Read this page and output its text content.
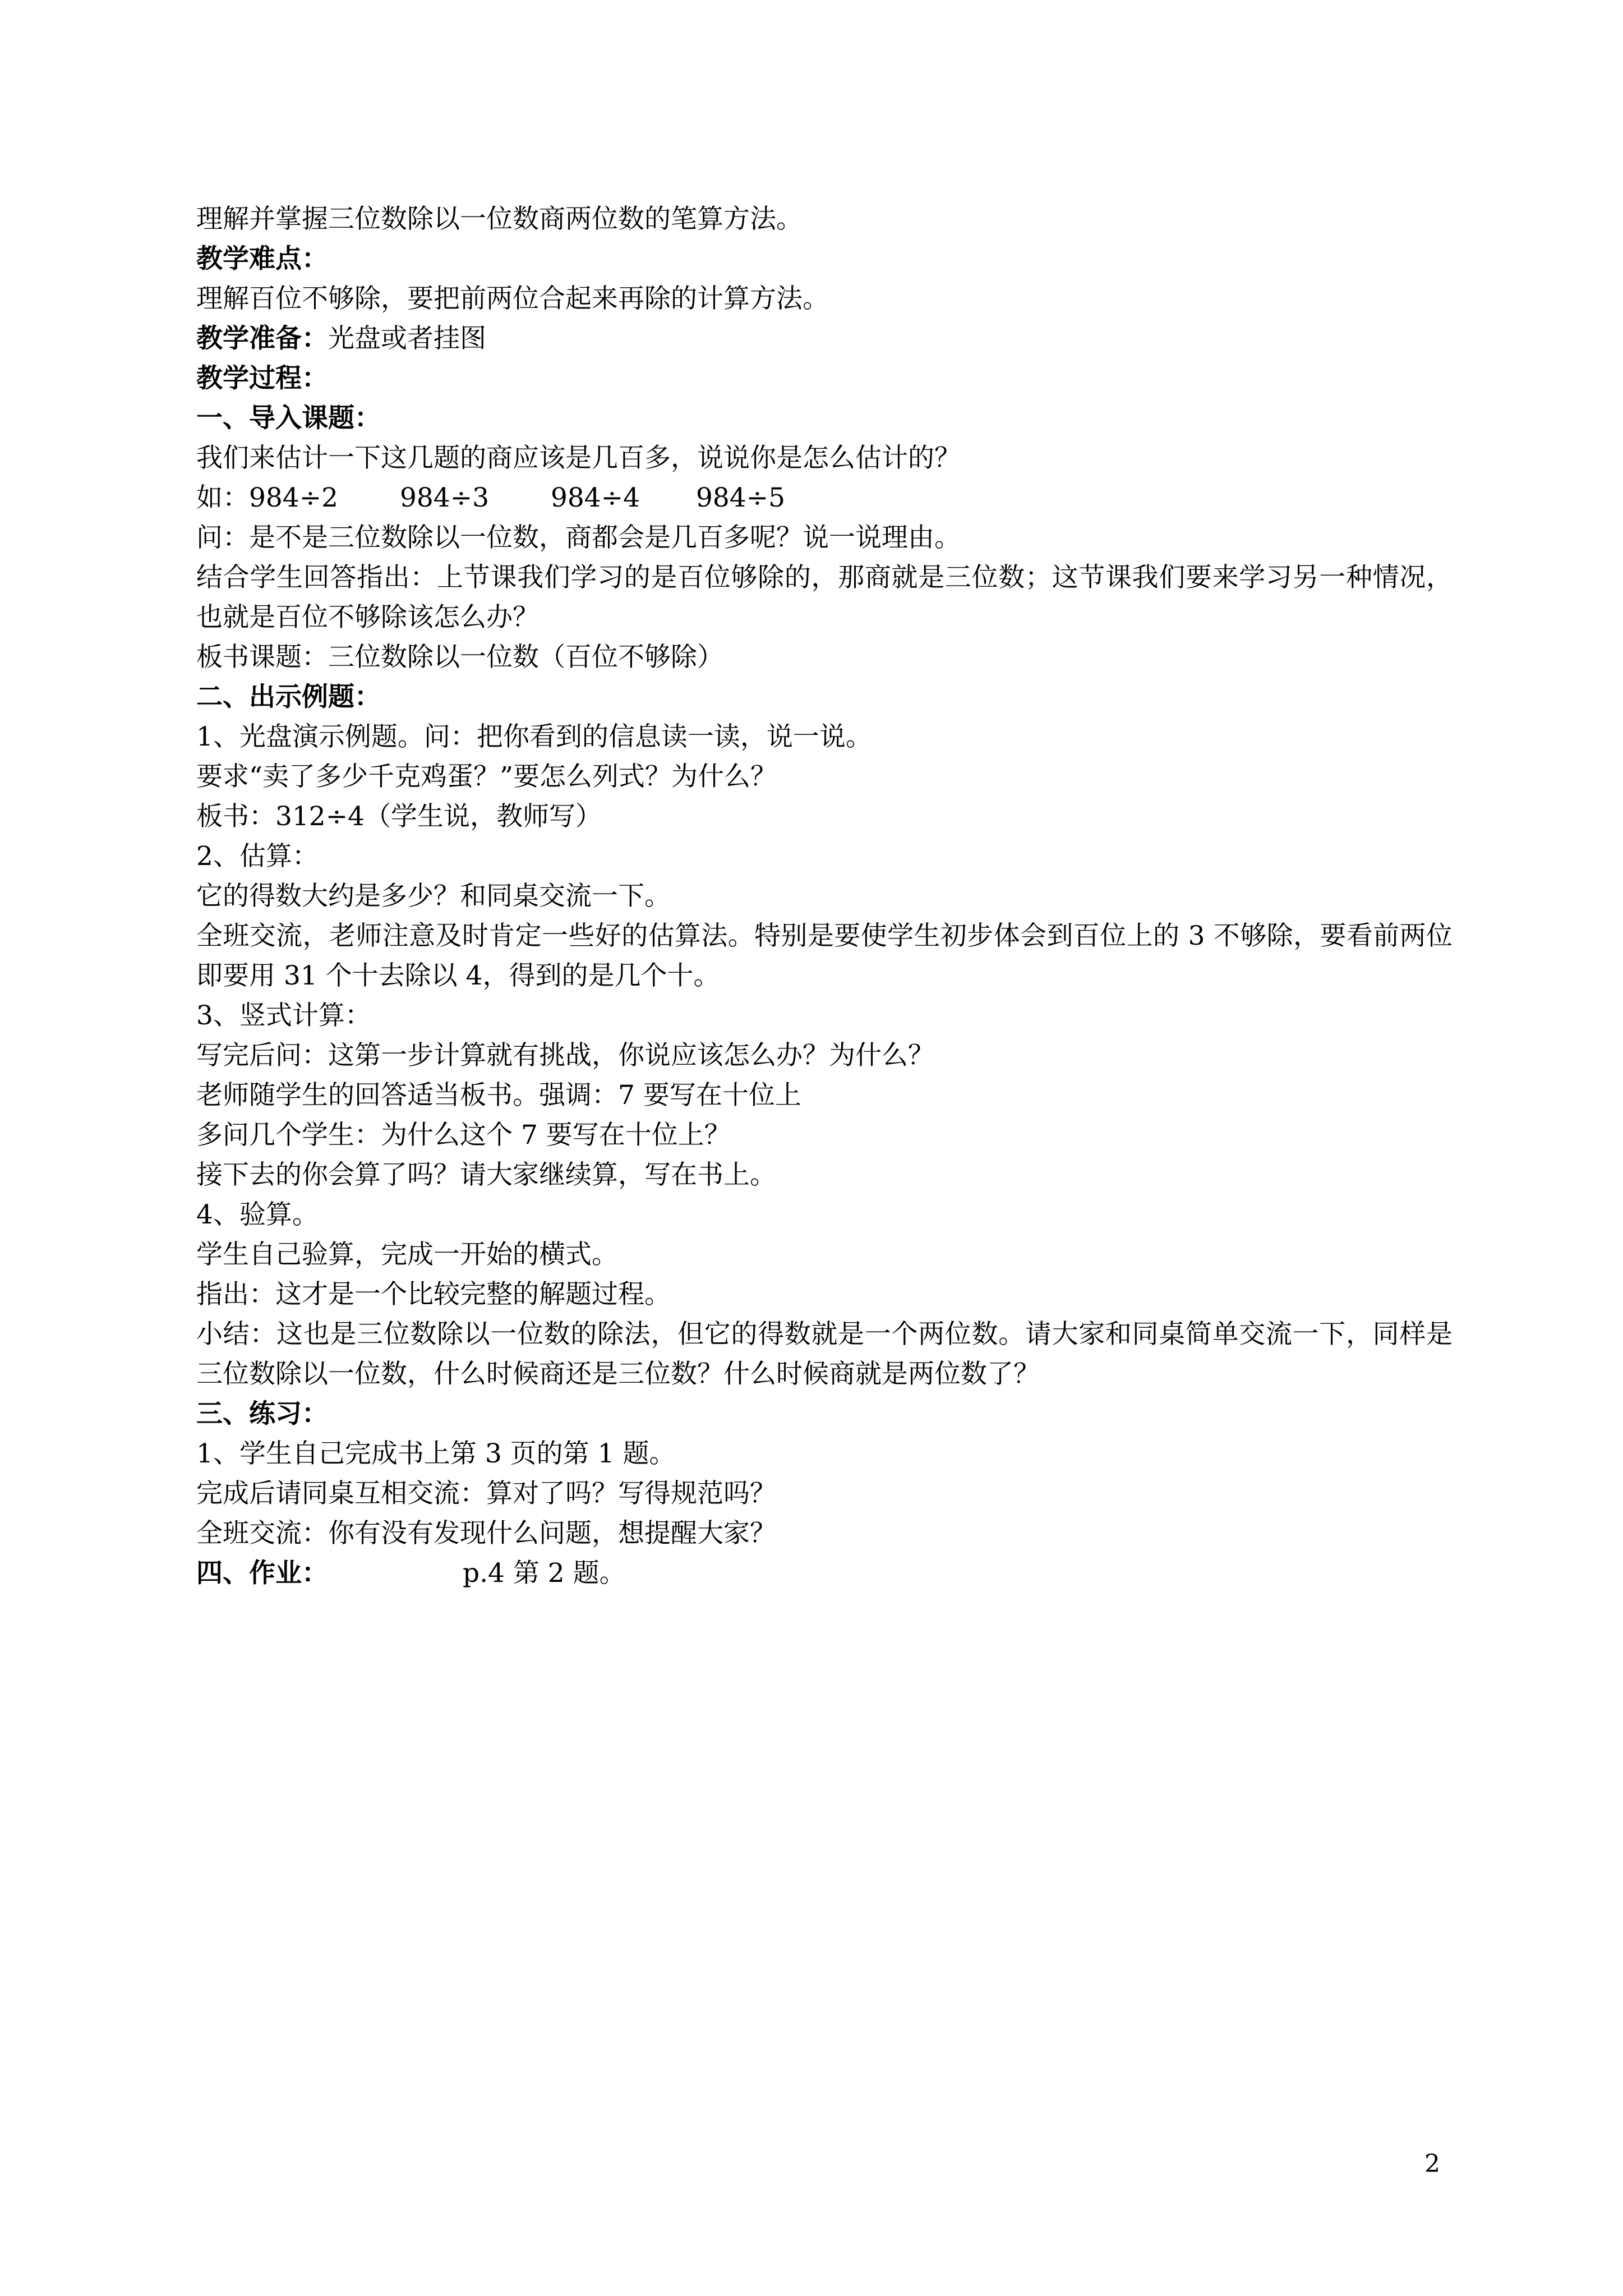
理解并掌握三位数除以一位数商两位数的笔算方法。

教学难点：

理解百位不够除，要把前两位合起来再除的计算方法。

教学准备：光盘或者挂图

教学过程：

一、导入课题：

我们来估计一下这几题的商应该是几百多，说说你是怎么估计的？

如：984÷2 984÷3 984÷4 984÷5

问：是不是三位数除以一位数，商都会是几百多呢？说一说理由。

结合学生回答指出：上节课我们学习的是百位够除的，那商就是三位数；这节课我们要来学习另一种情况，也就是百位不够除该怎么办？

板书课题：三位数除以一位数（百位不够除）

二、出示例题：

1、光盘演示例题。问：把你看到的信息读一读，说一说。

要求“卖了多少千克鸡蛋？”要怎么列式？为什么？

板书：312÷4（学生说，教师写）

2、估算：

它的得数大约是多少？和同桌交流一下。

全班交流，老师注意及时肯定一些好的估算法。特别是要使学生初步体会到百位上的 3 不够除，要看前两位即要用 31 个十去除以 4，得到的是几个十。

3、竖式计算：

写完后问：这第一步计算就有挑战，你说应该怎么办？为什么？

老师随学生的回答适当板书。强调：7 要写在十位上

多问几个学生：为什么这个 7 要写在十位上？

接下去的你会算了吗？请大家继续算，写在书上。

4、验算。

学生自己验算，完成一开始的横式。

指出：这才是一个比较完整的解题过程。

小结：这也是三位数除以一位数的除法，但它的得数就是一个两位数。请大家和同桌简单交流一下，同样是三位数除以一位数，什么时候商还是三位数？什么时候商就是两位数了？

三、练习：

1、学生自己完成书上第 3 页的第 1 题。

完成后请同桌互相交流：算对了吗？写得规范吗？

全班交流：你有没有发现什么问题，想提醒大家？

四、作业：	p.4 第 2 题。

2
